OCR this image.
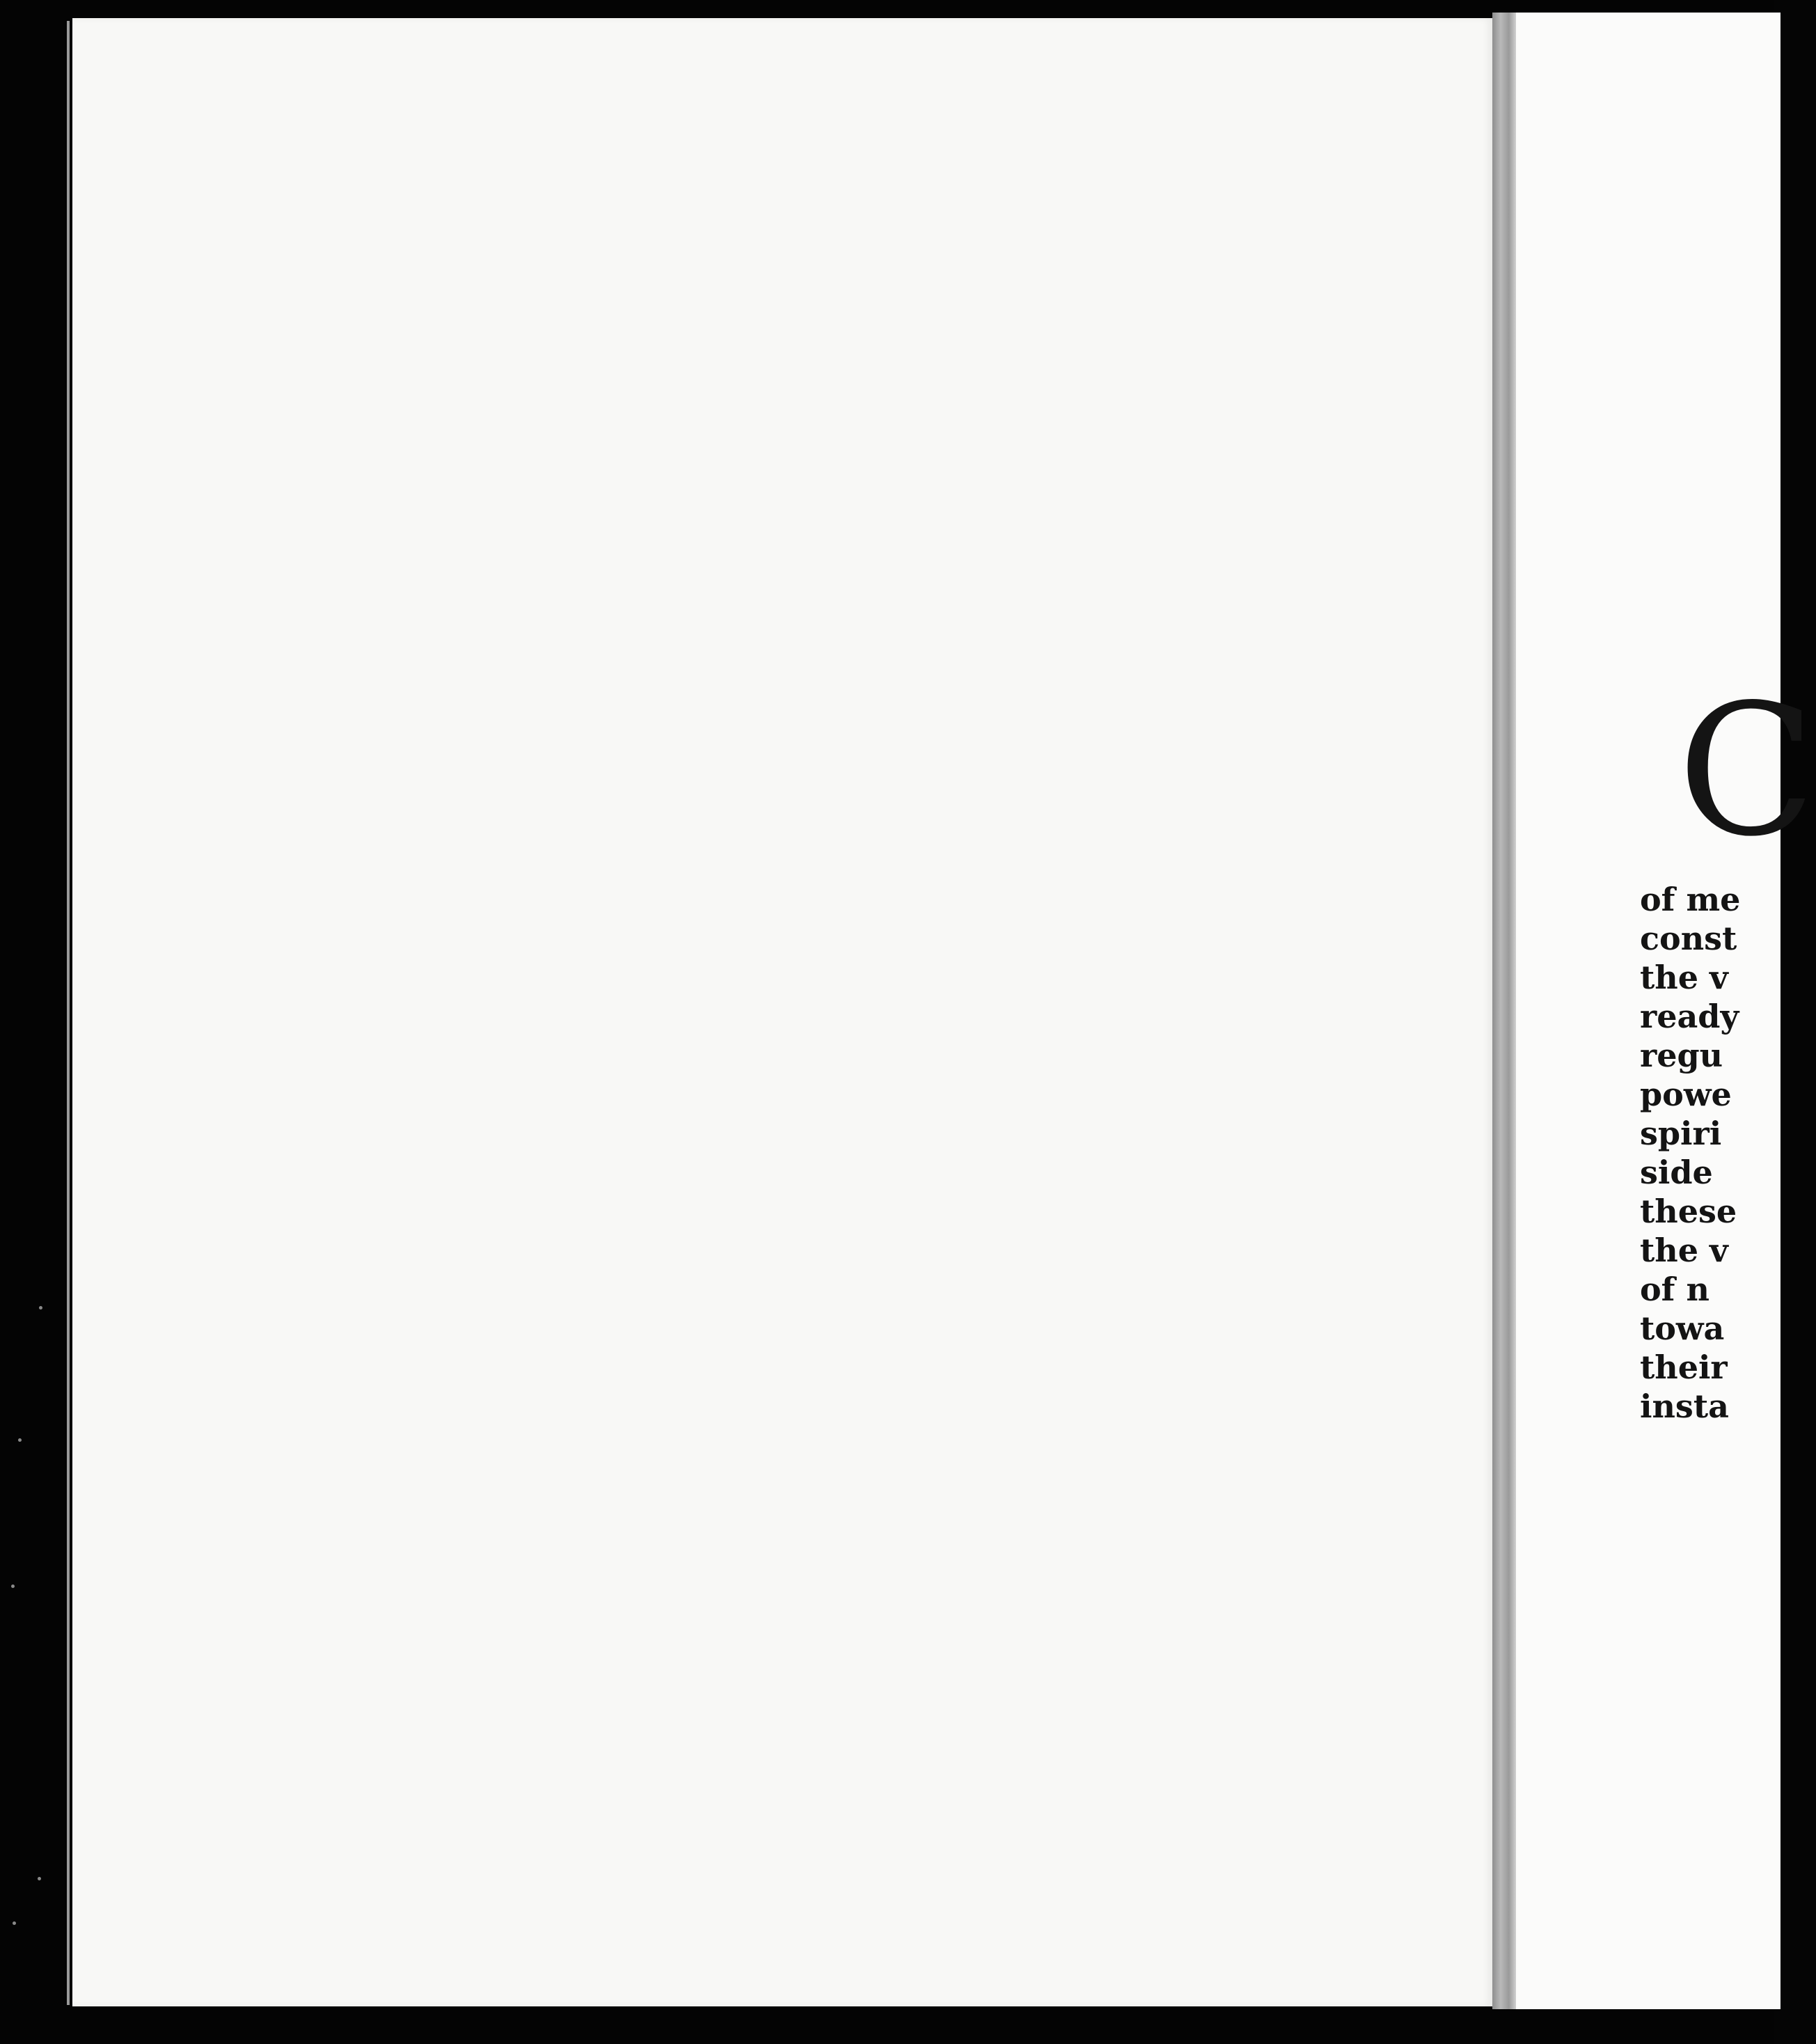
C
of me
const
the v
ready
regu
powe
spiri
side
these
the v
of n
towa
their
insta
